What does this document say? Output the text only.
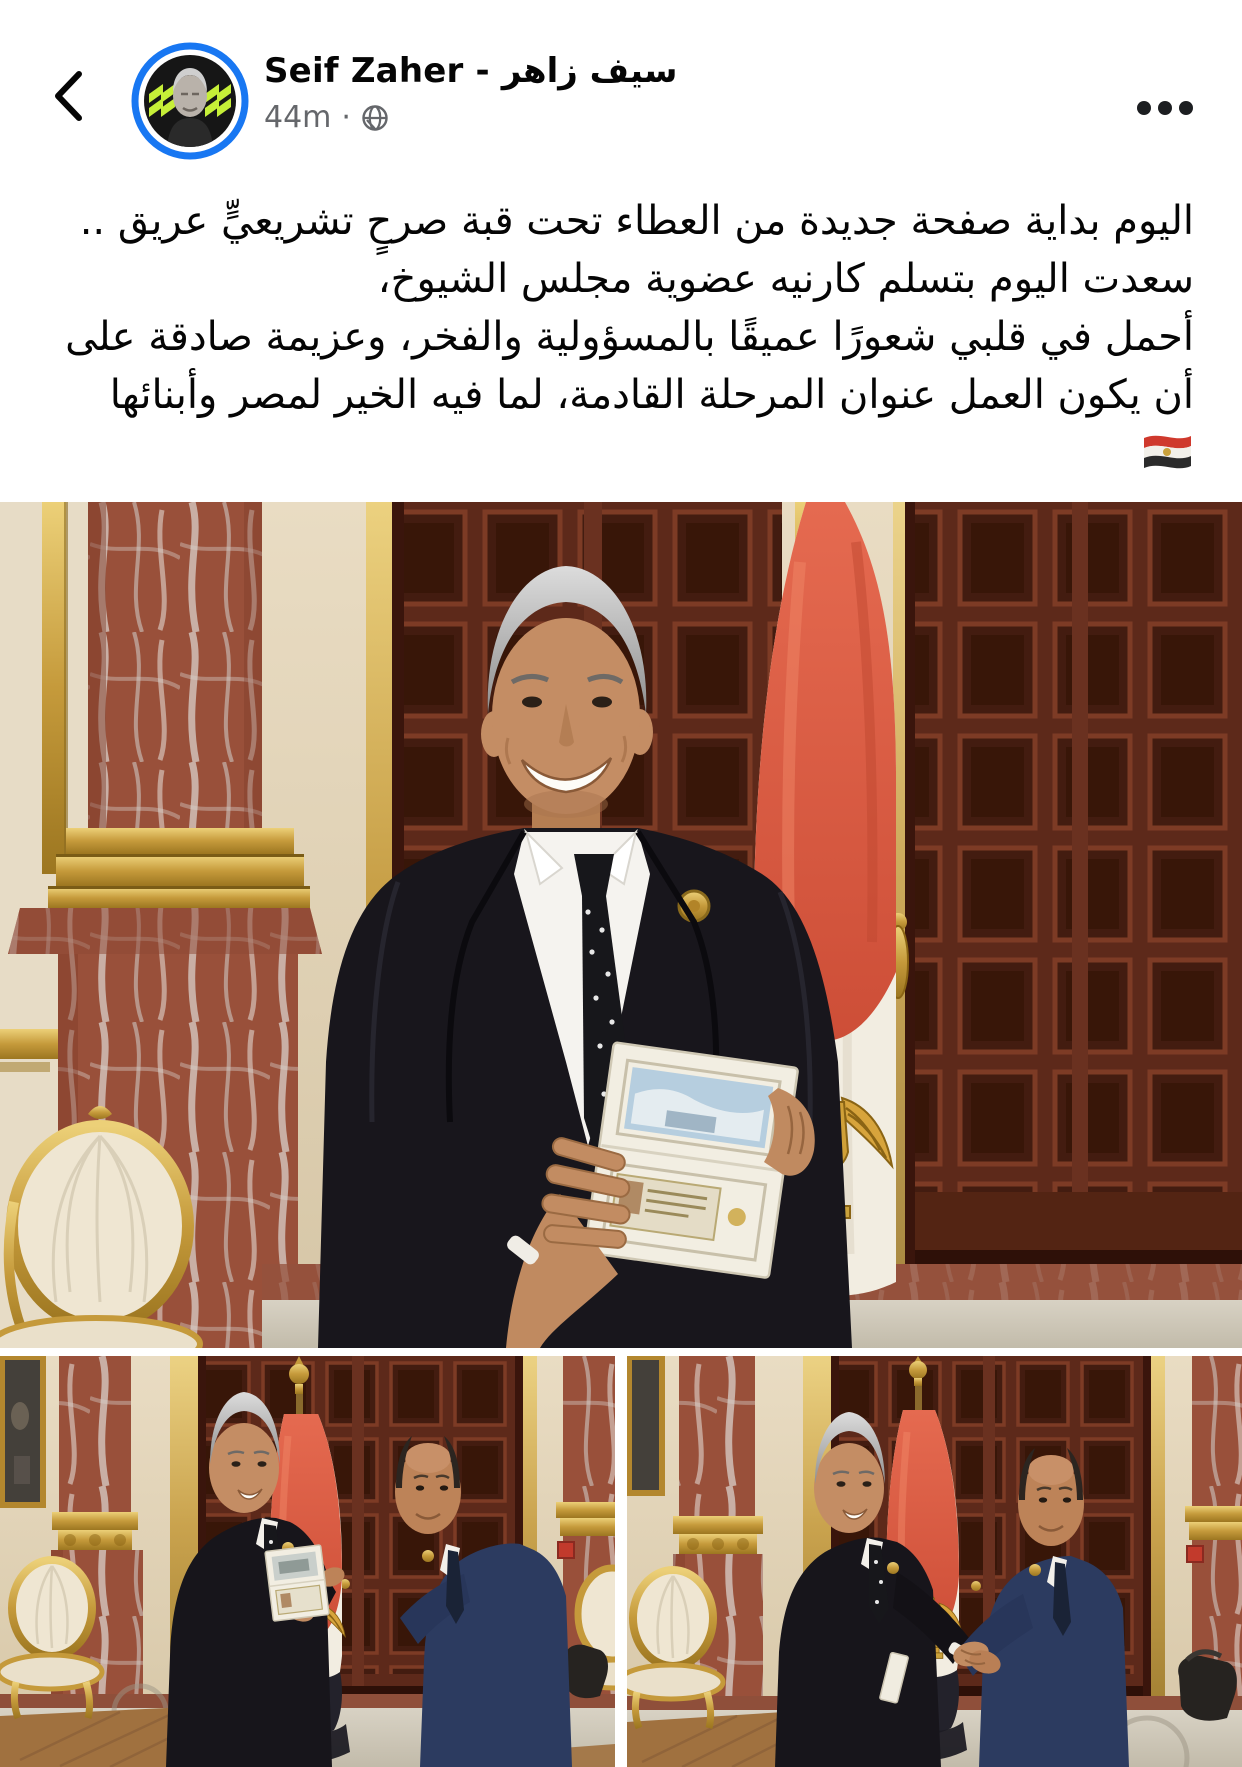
Seif Zaher - سيف زاهر
44m ·
اليوم بداية صفحة جديدة من العطاء تحت قبة صرحٍ تشريعيٍّ عريق ..
سعدت اليوم بتسلم كارنيه عضوية مجلس الشيوخ،
أحمل في قلبي شعورًا عميقًا بالمسؤولية والفخر، وعزيمة صادقة على
أن يكون العمل عنوان المرحلة القادمة، لما فيه الخير لمصر وأبنائها
